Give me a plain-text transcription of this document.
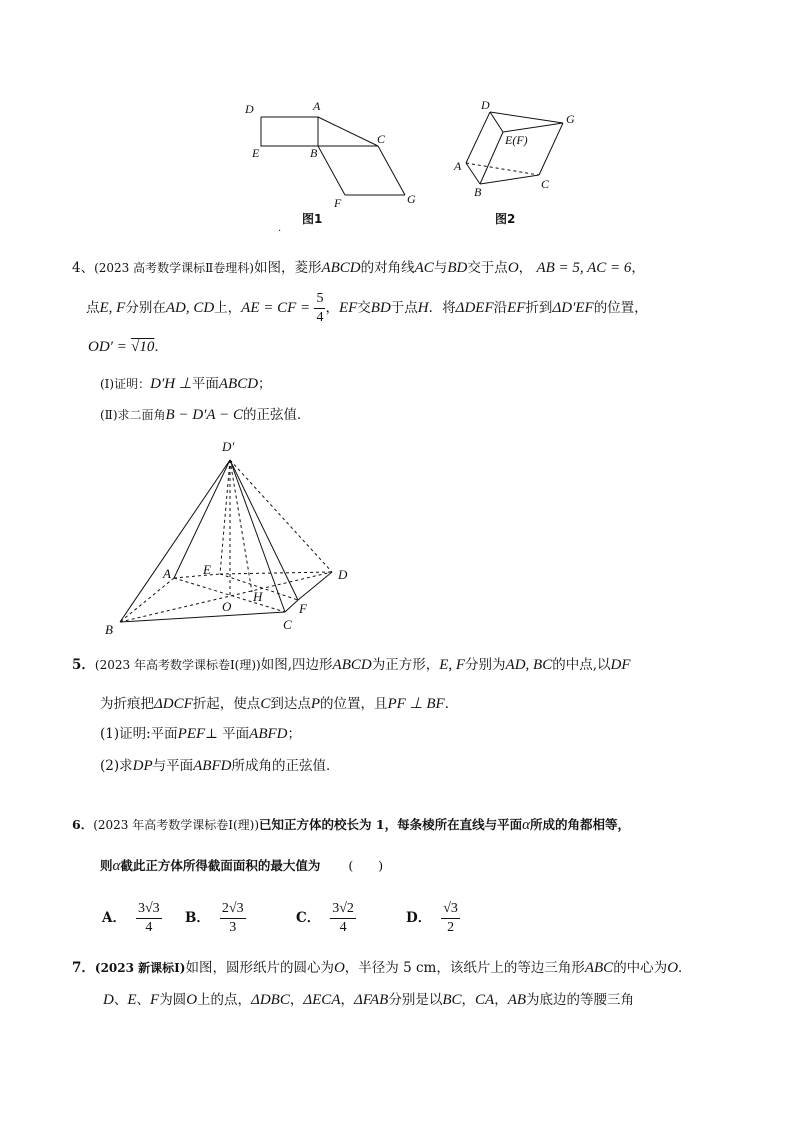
D	A
C
E	B
F	G
图1
D
G
E(F)
A
B
C
图2
·
4、(2023 高考数学课标Ⅱ卷理科)如图，菱形ABCD的对角线AC与BD交于点O， AB = 5, AC = 6，
点E, F分别在AD, CD上，AE = CF = $\frac{5}{4}$ ，EF交BD于点H．将ΔDEF沿EF折到ΔD′EF的位置，
OD′ = √10．
(Ⅰ)证明：D′H ⊥平面ABCD；
(Ⅱ)求二面角B − D′A − C的正弦值．
D′
A E	D
H
O	F
B	C
5．(2023 年高考数学课标卷Ⅰ(理))如图,四边形ABCD为正方形，E, F分别为AD, BC的中点,以DF
为折痕把ΔDCF折起，使点C到达点P的位置，且PF ⊥ BF．
(1)证明:平面PEF⊥ 平面ABFD；
(2)求DP与平面ABFD所成角的正弦值．
6．(2023 年高考数学课标卷Ⅰ(理))已知正方体的校长为 1，每条棱所在直线与平面α所成的角都相等，
则α截此正方体所得截面面积的最大值为 (　　)
A． $\frac{3√3}{4}$ B． $\frac{2√3}{3}$	C． $\frac{3√2}{4}$	D． $\frac{√3}{2}$
7．(2023 新课标Ⅰ)如图，圆形纸片的圆心为O，半径为 5 cm，该纸片上的等边三角形ABC的中心为O．
D、E、F为圆O上的点，ΔDBC，ΔECA，ΔFAB分别是以BC，CA，AB为底边的等腰三角
